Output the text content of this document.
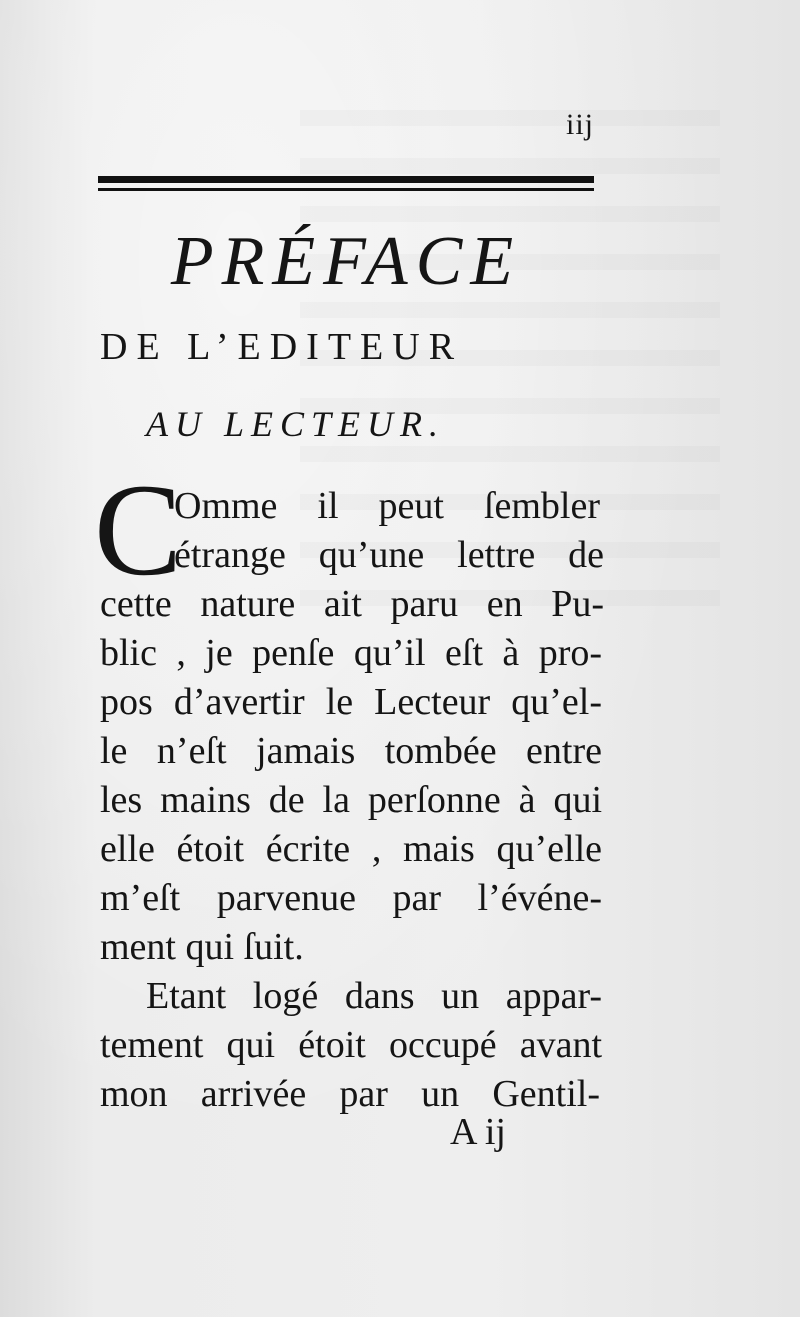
iij
PRÉFACE
DE L’EDITEUR
AU LECTEUR.
C
Omme il peut ſembler
étrange qu’une lettre de
cette nature ait paru en Pu-
blic , je penſe qu’il eſt à pro-
pos d’avertir le Lecteur qu’el-
le n’eſt jamais tombée entre
les mains de la perſonne à qui
elle étoit écrite , mais qu’elle
m’eſt parvenue par l’événe-
ment qui ſuit.
Etant logé dans un appar-
tement qui étoit occupé avant
mon arrivée par un Gentil-
A ij
